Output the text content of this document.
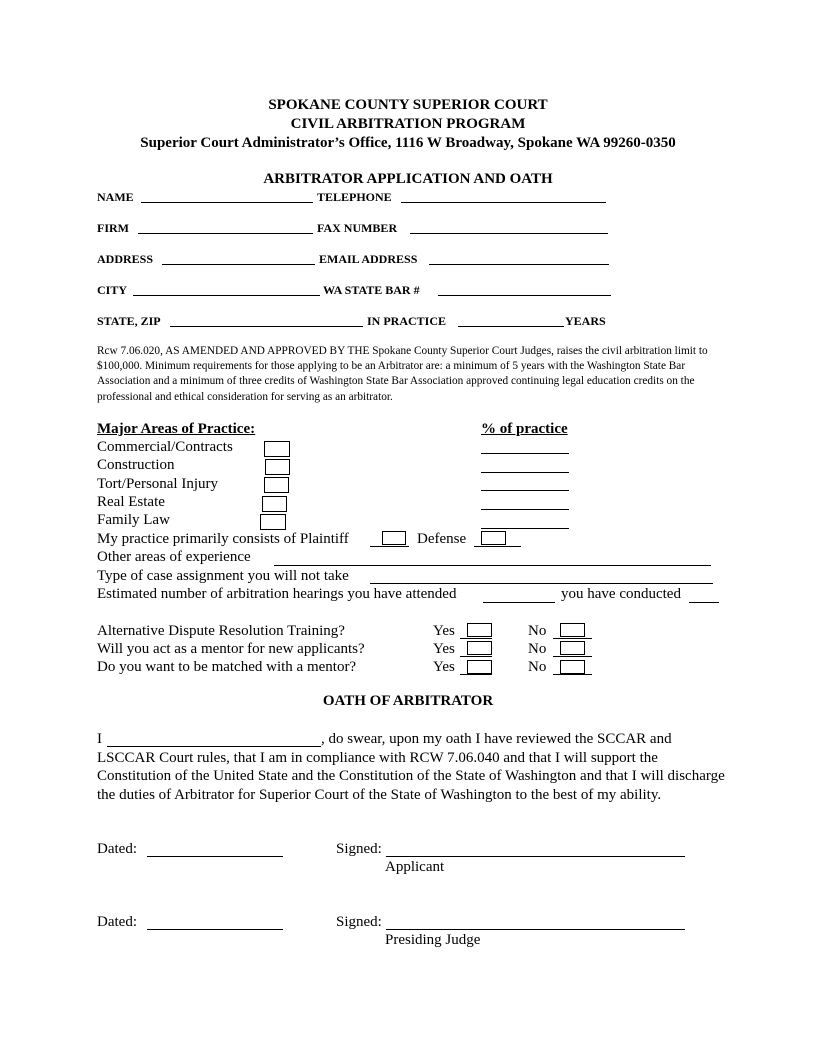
SPOKANE COUNTY SUPERIOR COURT
CIVIL ARBITRATION PROGRAM
Superior Court Administrator’s Office, 1116 W Broadway, Spokane WA 99260-0350
ARBITRATOR APPLICATION AND OATH
NAME	TELEPHONE
FIRM	FAX NUMBER
ADDRESS	EMAIL ADDRESS
CITY	WA STATE BAR #
STATE, ZIP	IN PRACTICE	YEARS
Rcw 7.06.020, AS AMENDED AND APPROVED BY THE Spokane County Superior Court Judges, raises the civil arbitration limit to $100,000. Minimum requirements for those applying to be an Arbitrator are: a minimum of 5 years with the Washington State Bar Association and a minimum of three credits of Washington State Bar Association approved continuing legal education credits on the professional and ethical consideration for serving as an arbitrator.
Major Areas of Practice:	% of practice
Commercial/Contracts
Construction
Tort/Personal Injury
Real Estate
Family Law
My practice primarily consists of Plaintiff	Defense
Other areas of experience
Type of case assignment you will not take
Estimated number of arbitration hearings you have attended	you have conducted
Alternative Dispute Resolution Training?	Yes	No
Will you act as a mentor for new applicants?	Yes	No
Do you want to be matched with a mentor?	Yes	No
OATH OF ARBITRATOR
I	, do swear, upon my oath I have reviewed the SCCAR and
LSCCAR Court rules, that I am in compliance with RCW 7.06.040 and that I will support the Constitution of the United State and the Constitution of the State of Washington and that I will discharge the duties of Arbitrator for Superior Court of the State of Washington to the best of my ability.
Dated:	Signed:
Applicant
Dated:	Signed:
Presiding Judge
